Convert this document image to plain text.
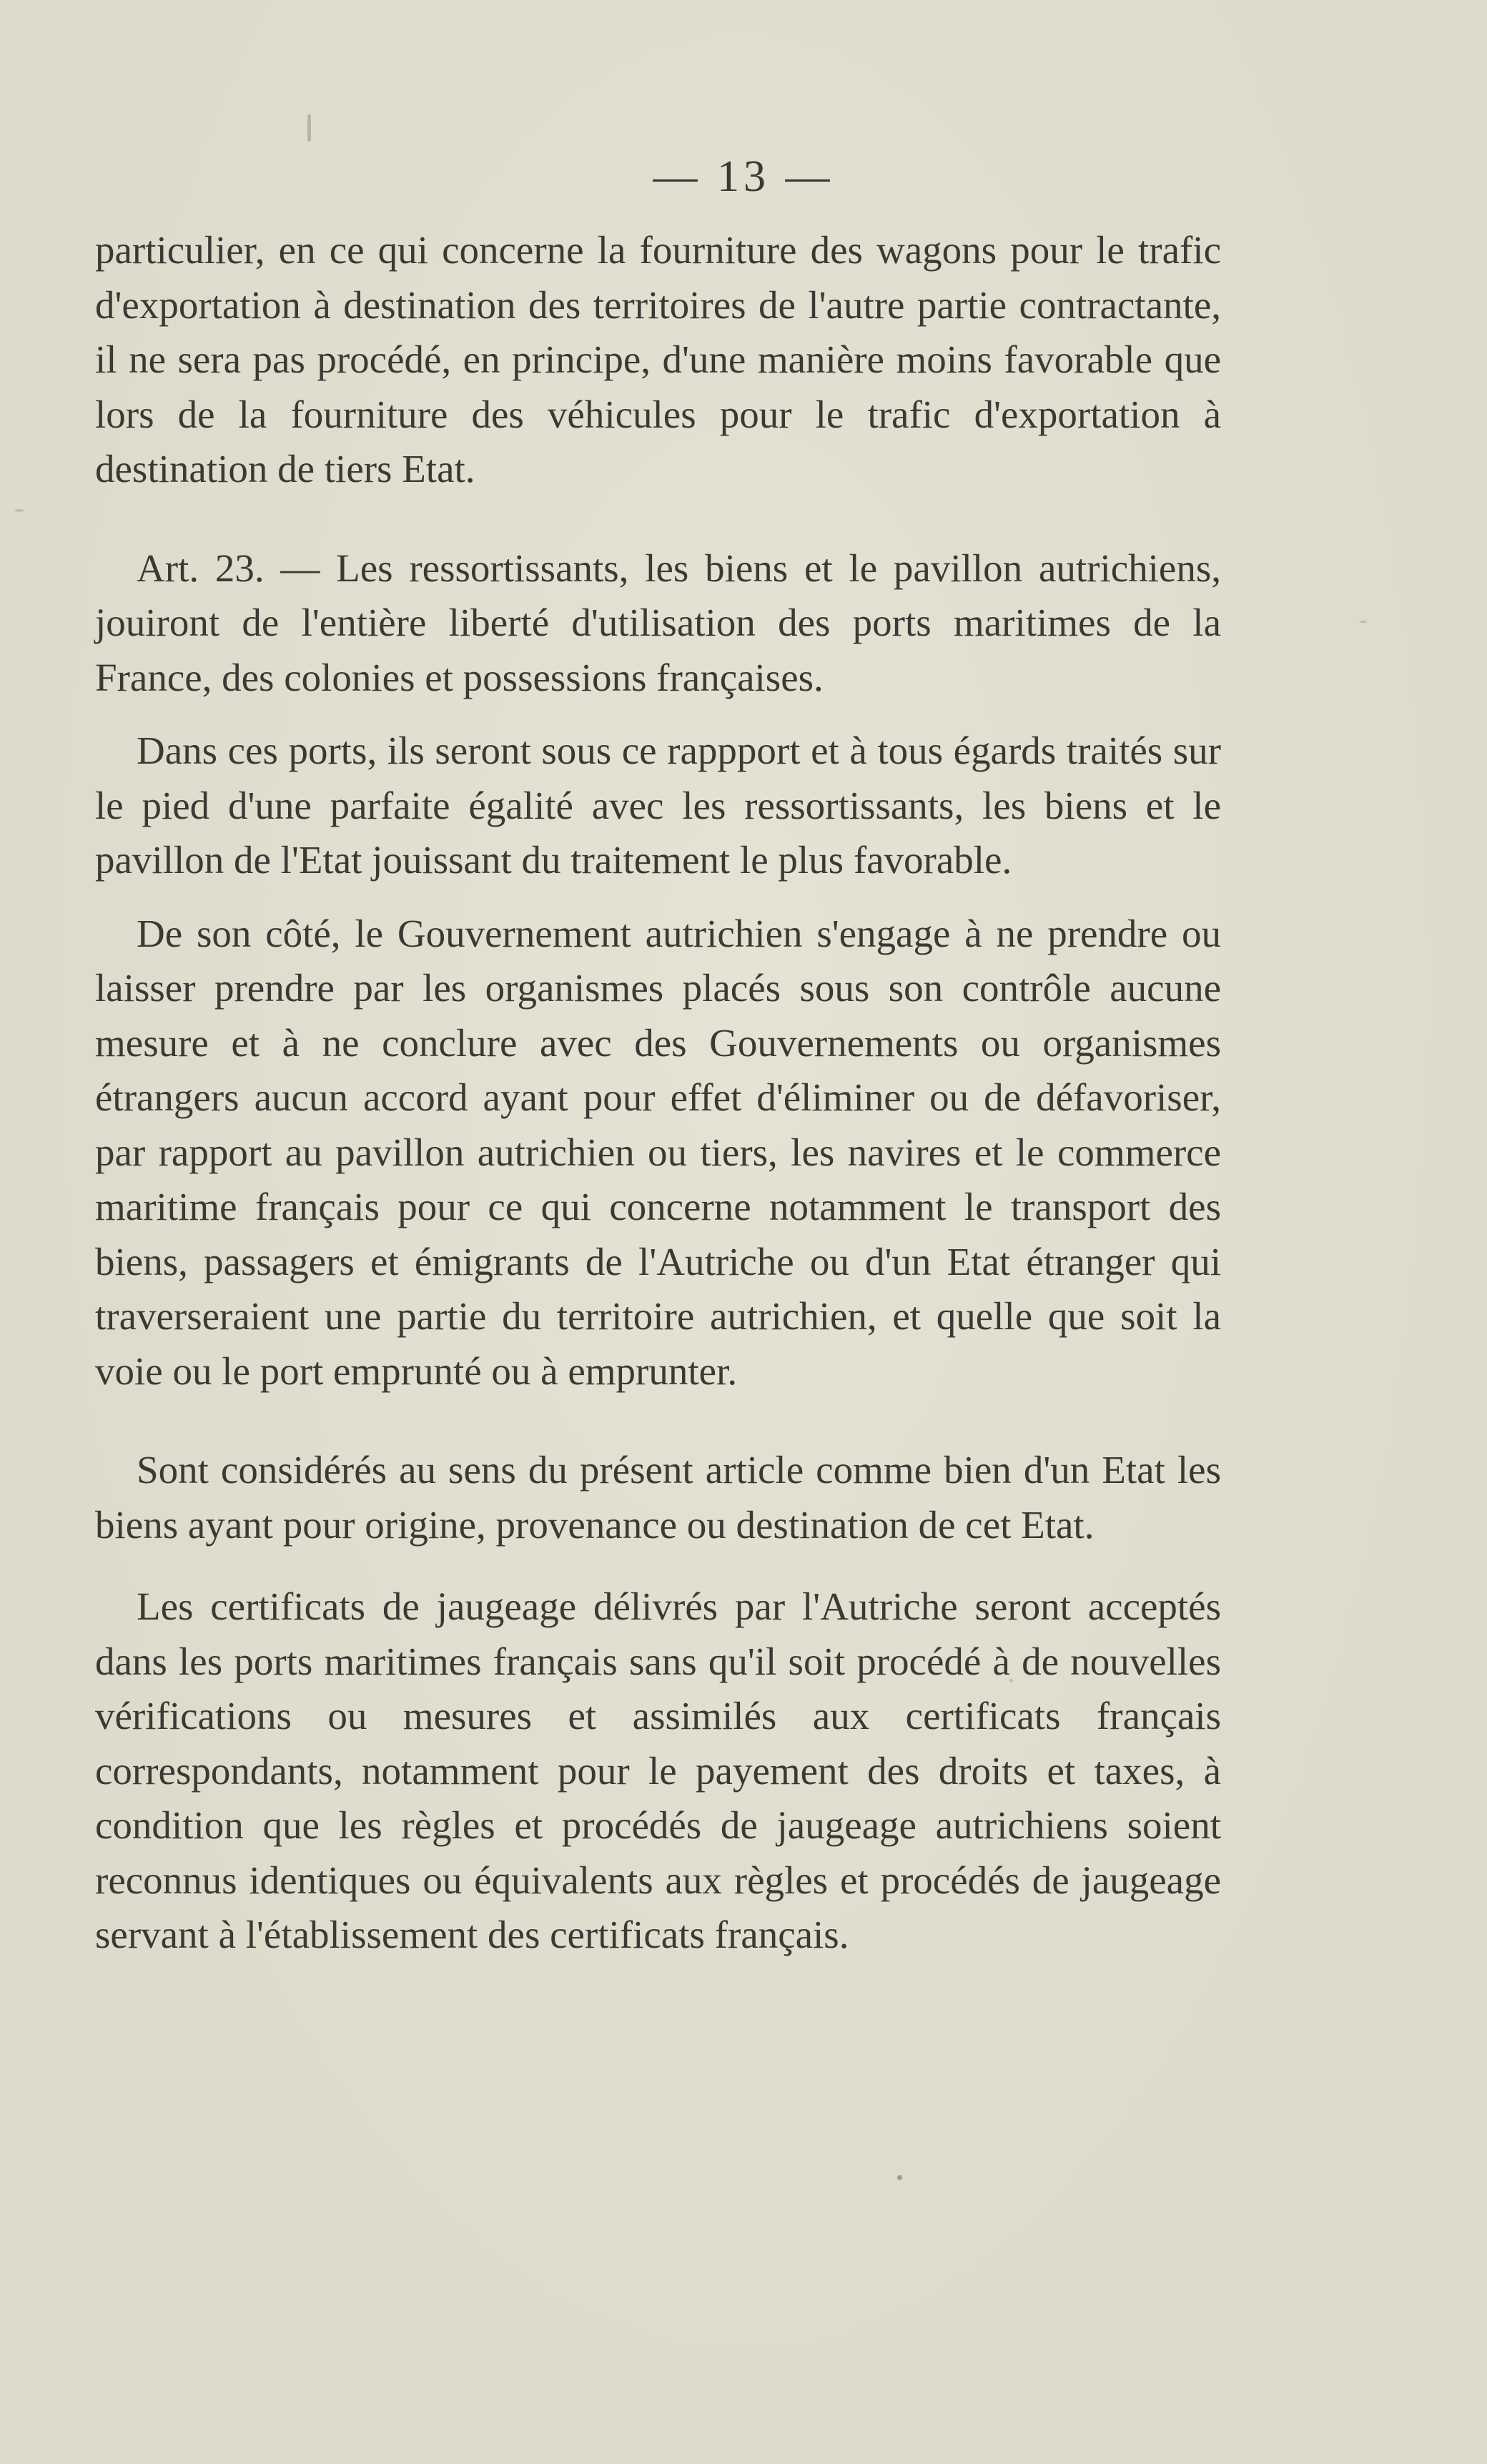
— 13 —

particulier, en ce qui concerne la fourniture des wagons pour le trafic d'exportation à destination des territoires de l'autre partie contractante, il ne sera pas procédé, en principe, d'une manière moins favorable que lors de la fourniture des véhicules pour le trafic d'exportation à destination de tiers Etat.

Art. 23. — Les ressortissants, les biens et le pavillon autrichiens, jouiront de l'entière liberté d'utilisation des ports maritimes de la France, des colonies et possessions françaises.

Dans ces ports, ils seront sous ce rappport et à tous égards traités sur le pied d'une parfaite égalité avec les ressortissants, les biens et le pavillon de l'Etat jouissant du traitement le plus favorable.

De son côté, le Gouvernement autrichien s'engage à ne prendre ou laisser prendre par les organismes placés sous son contrôle aucune mesure et à ne conclure avec des Gouvernements ou organismes étrangers aucun accord ayant pour effet d'éliminer ou de défavoriser, par rapport au pavillon autrichien ou tiers, les navires et le commerce maritime français pour ce qui concerne notamment le transport des biens, passagers et émigrants de l'Autriche ou d'un Etat étranger qui traverseraient une partie du territoire autrichien, et quelle que soit la voie ou le port emprunté ou à emprunter.

Sont considérés au sens du présent article comme bien d'un Etat les biens ayant pour origine, provenance ou destination de cet Etat.

Les certificats de jaugeage délivrés par l'Autriche seront acceptés dans les ports maritimes français sans qu'il soit procédé à de nouvelles vérifications ou mesures et assimilés aux certificats français correspondants, notamment pour le payement des droits et taxes, à condition que les règles et procédés de jaugeage autrichiens soient reconnus identiques ou équivalents aux règles et procédés de jaugeage servant à l'établissement des certificats français.
